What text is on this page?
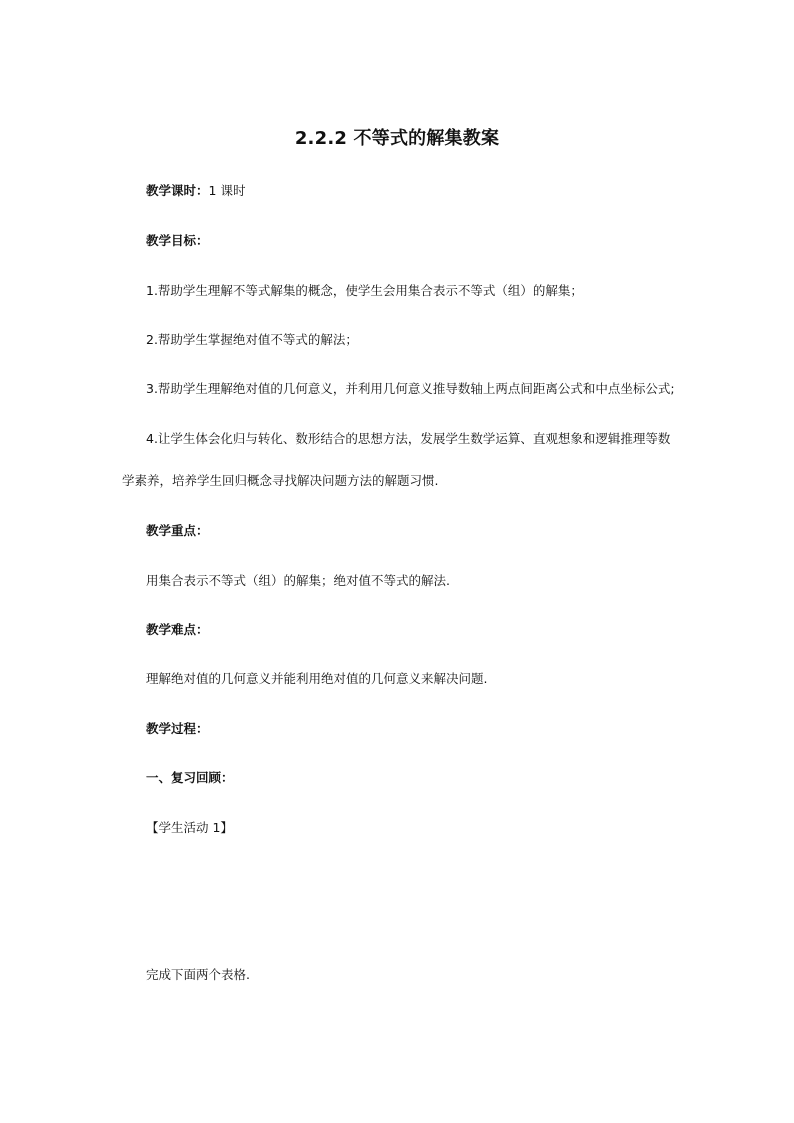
2.2.2 不等式的解集教案
教学课时：1 课时
教学目标：
1.帮助学生理解不等式解集的概念，使学生会用集合表示不等式（组）的解集；
2.帮助学生掌握绝对值不等式的解法；
3.帮助学生理解绝对值的几何意义，并利用几何意义推导数轴上两点间距离公式和中点坐标公式;
4.让学生体会化归与转化、数形结合的思想方法，发展学生数学运算、直观想象和逻辑推理等数
学素养，培养学生回归概念寻找解决问题方法的解题习惯.
教学重点：
用集合表示不等式（组）的解集；绝对值不等式的解法.
教学难点：
理解绝对值的几何意义并能利用绝对值的几何意义来解决问题.
教学过程：
一、复习回顾：
【学生活动 1】
完成下面两个表格.
